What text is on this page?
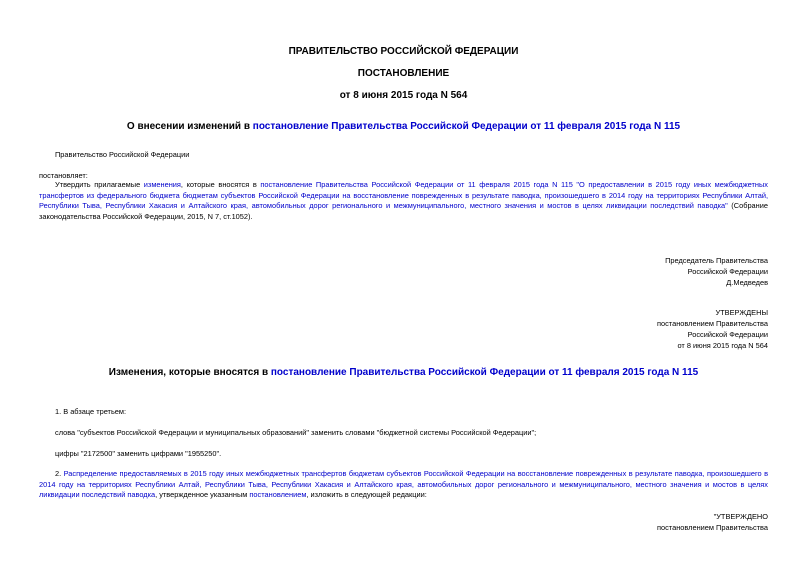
ПРАВИТЕЛЬСТВО РОССИЙСКОЙ ФЕДЕРАЦИИ
ПОСТАНОВЛЕНИЕ
от 8 июня 2015 года N 564
О внесении изменений в постановление Правительства Российской Федерации от 11 февраля 2015 года N 115
Правительство Российской Федерации
постановляет:
Утвердить прилагаемые изменения, которые вносятся в постановление Правительства Российской Федерации от 11 февраля 2015 года N 115 "О предоставлении в 2015 году иных межбюджетных трансфертов из федерального бюджета бюджетам субъектов Российской Федерации на восстановление поврежденных в результате паводка, произошедшего в 2014 году на территориях Республики Алтай, Республики Тыва, Республики Хакасия и Алтайского края, автомобильных дорог регионального и межмуниципального, местного значения и мостов в целях ликвидации последствий паводка" (Собрание законодательства Российской Федерации, 2015, N 7, ст.1052).
Председатель Правительства
Российской Федерации
Д.Медведев
УТВЕРЖДЕНЫ
постановлением Правительства
Российской Федерации
от 8 июня 2015 года N 564
Изменения, которые вносятся в постановление Правительства Российской Федерации от 11 февраля 2015 года N 115
1. В абзаце третьем:
слова "субъектов Российской Федерации и муниципальных образований" заменить словами "бюджетной системы Российской Федерации";
цифры "2172500" заменить цифрами "1955250".
2. Распределение предоставляемых в 2015 году иных межбюджетных трансфертов бюджетам субъектов Российской Федерации на восстановление поврежденных в результате паводка, произошедшего в 2014 году на территориях Республики Алтай, Республики Тыва, Республики Хакасия и Алтайского края, автомобильных дорог регионального и межмуниципального, местного значения и мостов в целях ликвидации последствий паводка, утвержденное указанным постановлением, изложить в следующей редакции:
"УТВЕРЖДЕНО
постановлением Правительства
